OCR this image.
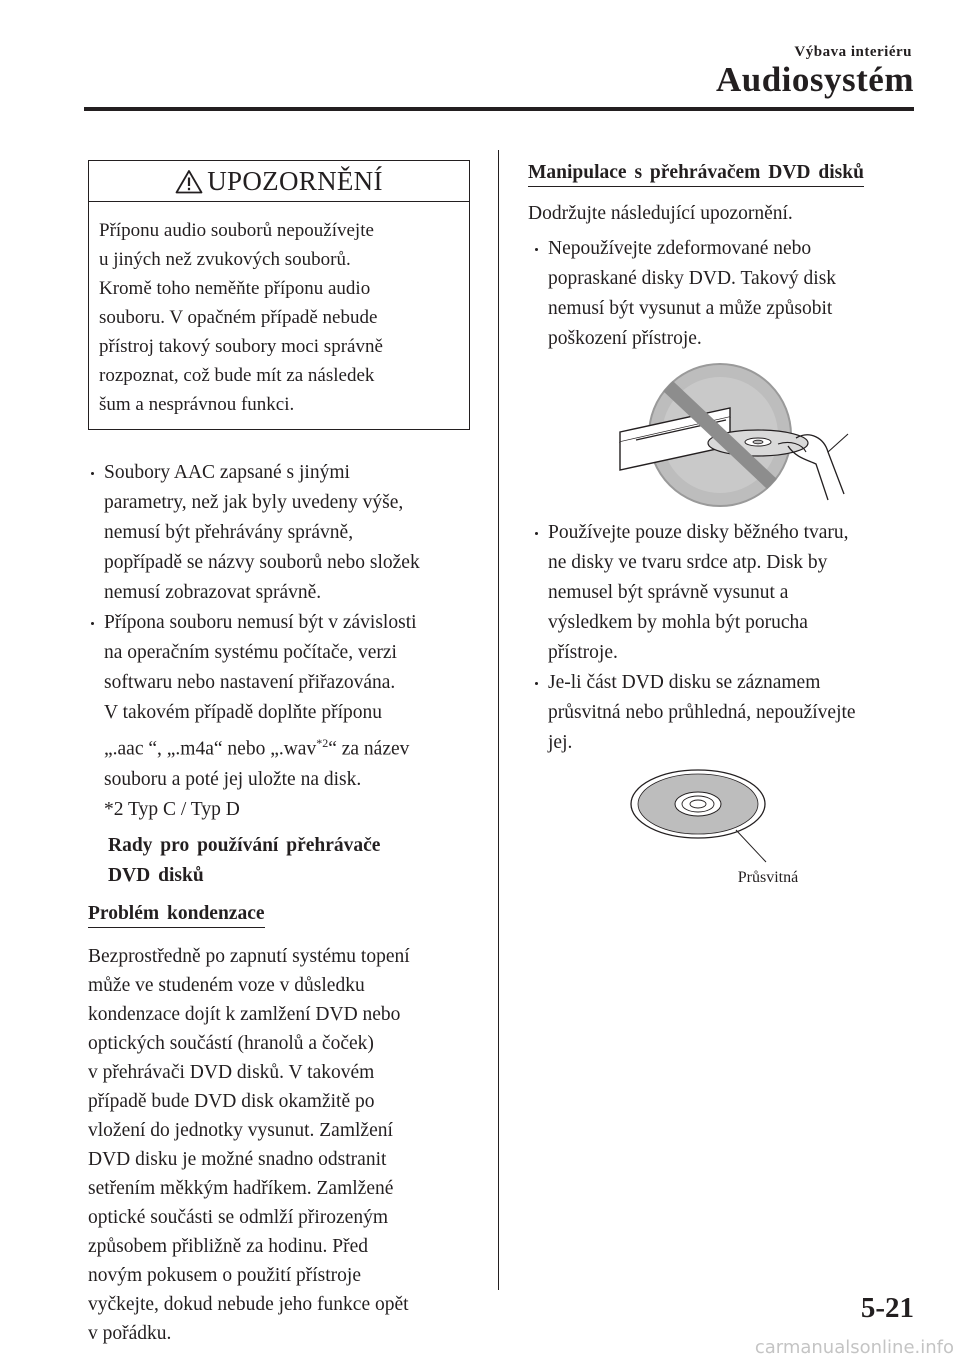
Výbava interiéru
Audiosystém
UPOZORNĚNÍ
Příponu audio souborů nepoužívejte
u jiných než zvukových souborů.
Kromě toho neměňte příponu audio
souboru. V opačném případě nebude
přístroj takový soubory moci správně
rozpoznat, což bude mít za následek
šum a nesprávnou funkci.
Soubory AAC zapsané s jinými
parametry, než jak byly uvedeny výše,
nemusí být přehrávány správně,
popřípadě se názvy souborů nebo složek
nemusí zobrazovat správně.
Přípona souboru nemusí být v závislosti
na operačním systému počítače, verzi
softwaru nebo nastavení přiřazována.
V takovém případě doplňte příponu
„.aac “, „.m4a“ nebo „.wav$^{*2}$“ za název
souboru a poté jej uložte na disk.
*2 Typ C / Typ D
Rady pro používání přehrávače
DVD disků
Problém kondenzace
Bezprostředně po zapnutí systému topení
může ve studeném voze v důsledku
kondenzace dojít k zamlžení DVD nebo
optických součástí (hranolů a čoček)
v přehrávači DVD disků. V takovém
případě bude DVD disk okamžitě po
vložení do jednotky vysunut. Zamlžení
DVD disku je možné snadno odstranit
setřením měkkým hadříkem. Zamlžené
optické součásti se odmlží přirozeným
způsobem přibližně za hodinu. Před
novým pokusem o použití přístroje
vyčkejte, dokud nebude jeho funkce opět
v pořádku.
Manipulace s přehrávačem DVD disků
Dodržujte následující upozornění.
Nepoužívejte zdeformované nebo
popraskané disky DVD. Takový disk
nemusí být vysunut a může způsobit
poškození přístroje.
Používejte pouze disky běžného tvaru,
ne disky ve tvaru srdce atp. Disk by
nemusel být správně vysunut a
výsledkem by mohla být porucha
přístroje.
Je-li část DVD disku se záznamem
průsvitná nebo průhledná, nepoužívejte
jej.
Průsvitná
5-21
carmanualsonline.info
